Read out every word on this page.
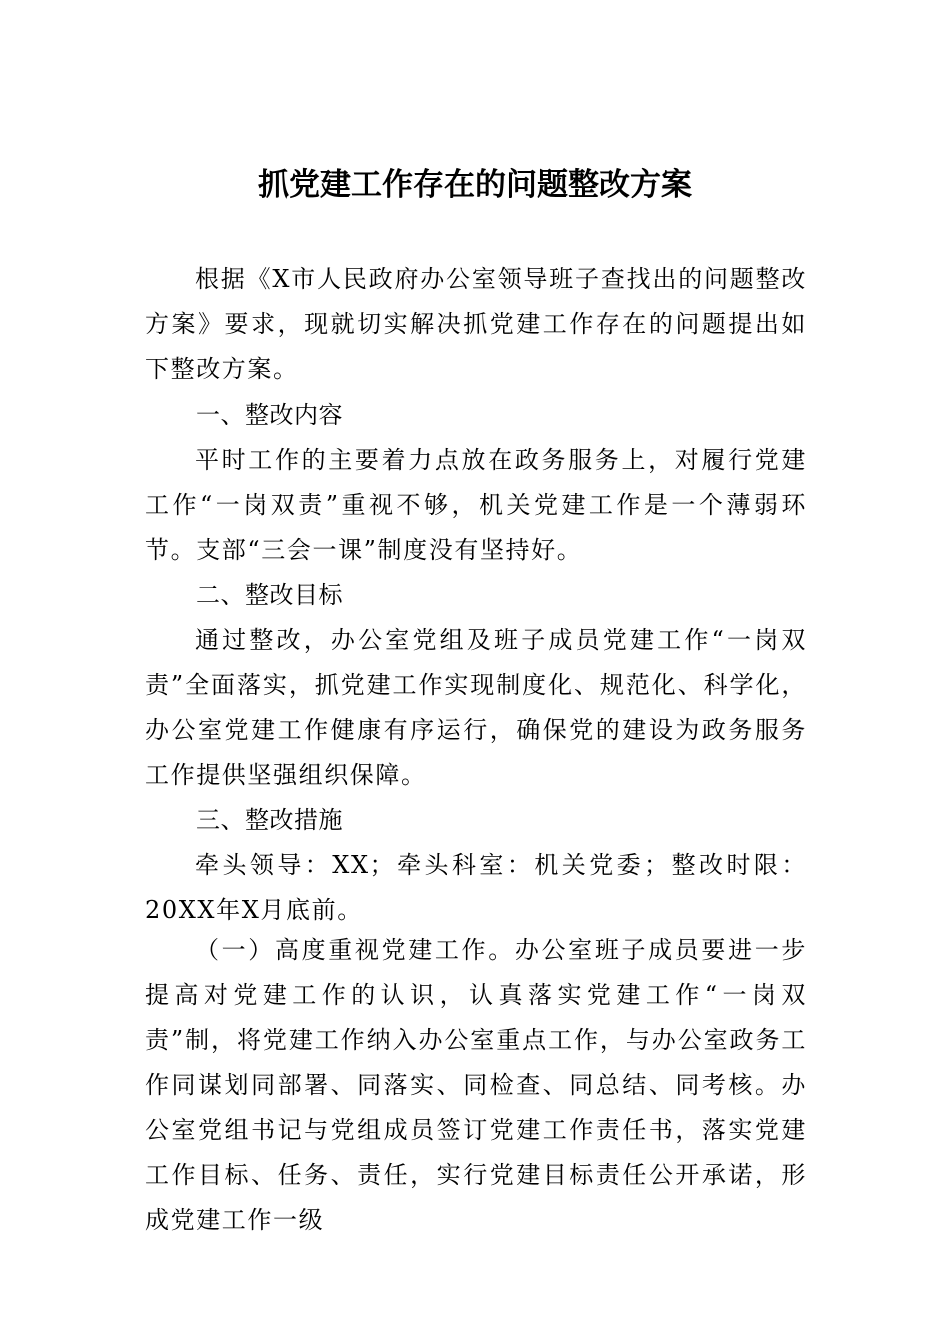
抓党建工作存在的问题整改方案

根据《X市人民政府办公室领导班子查找出的问题整改方案》要求，现就切实解决抓党建工作存在的问题提出如下整改方案。

一、整改内容

平时工作的主要着力点放在政务服务上，对履行党建工作“一岗双责”重视不够，机关党建工作是一个薄弱环节。支部“三会一课”制度没有坚持好。

二、整改目标

通过整改，办公室党组及班子成员党建工作“一岗双责”全面落实，抓党建工作实现制度化、规范化、科学化，办公室党建工作健康有序运行，确保党的建设为政务服务工作提供坚强组织保障。

三、整改措施

牵头领导：XX；牵头科室：机关党委；整改时限：20XX年X月底前。

（一）高度重视党建工作。办公室班子成员要进一步提高对党建工作的认识，认真落实党建工作“一岗双责”制，将党建工作纳入办公室重点工作，与办公室政务工作同谋划同部署、同落实、同检查、同总结、同考核。办公室党组书记与党组成员签订党建工作责任书，落实党建工作目标、任务、责任，实行党建目标责任公开承诺，形成党建工作一级
